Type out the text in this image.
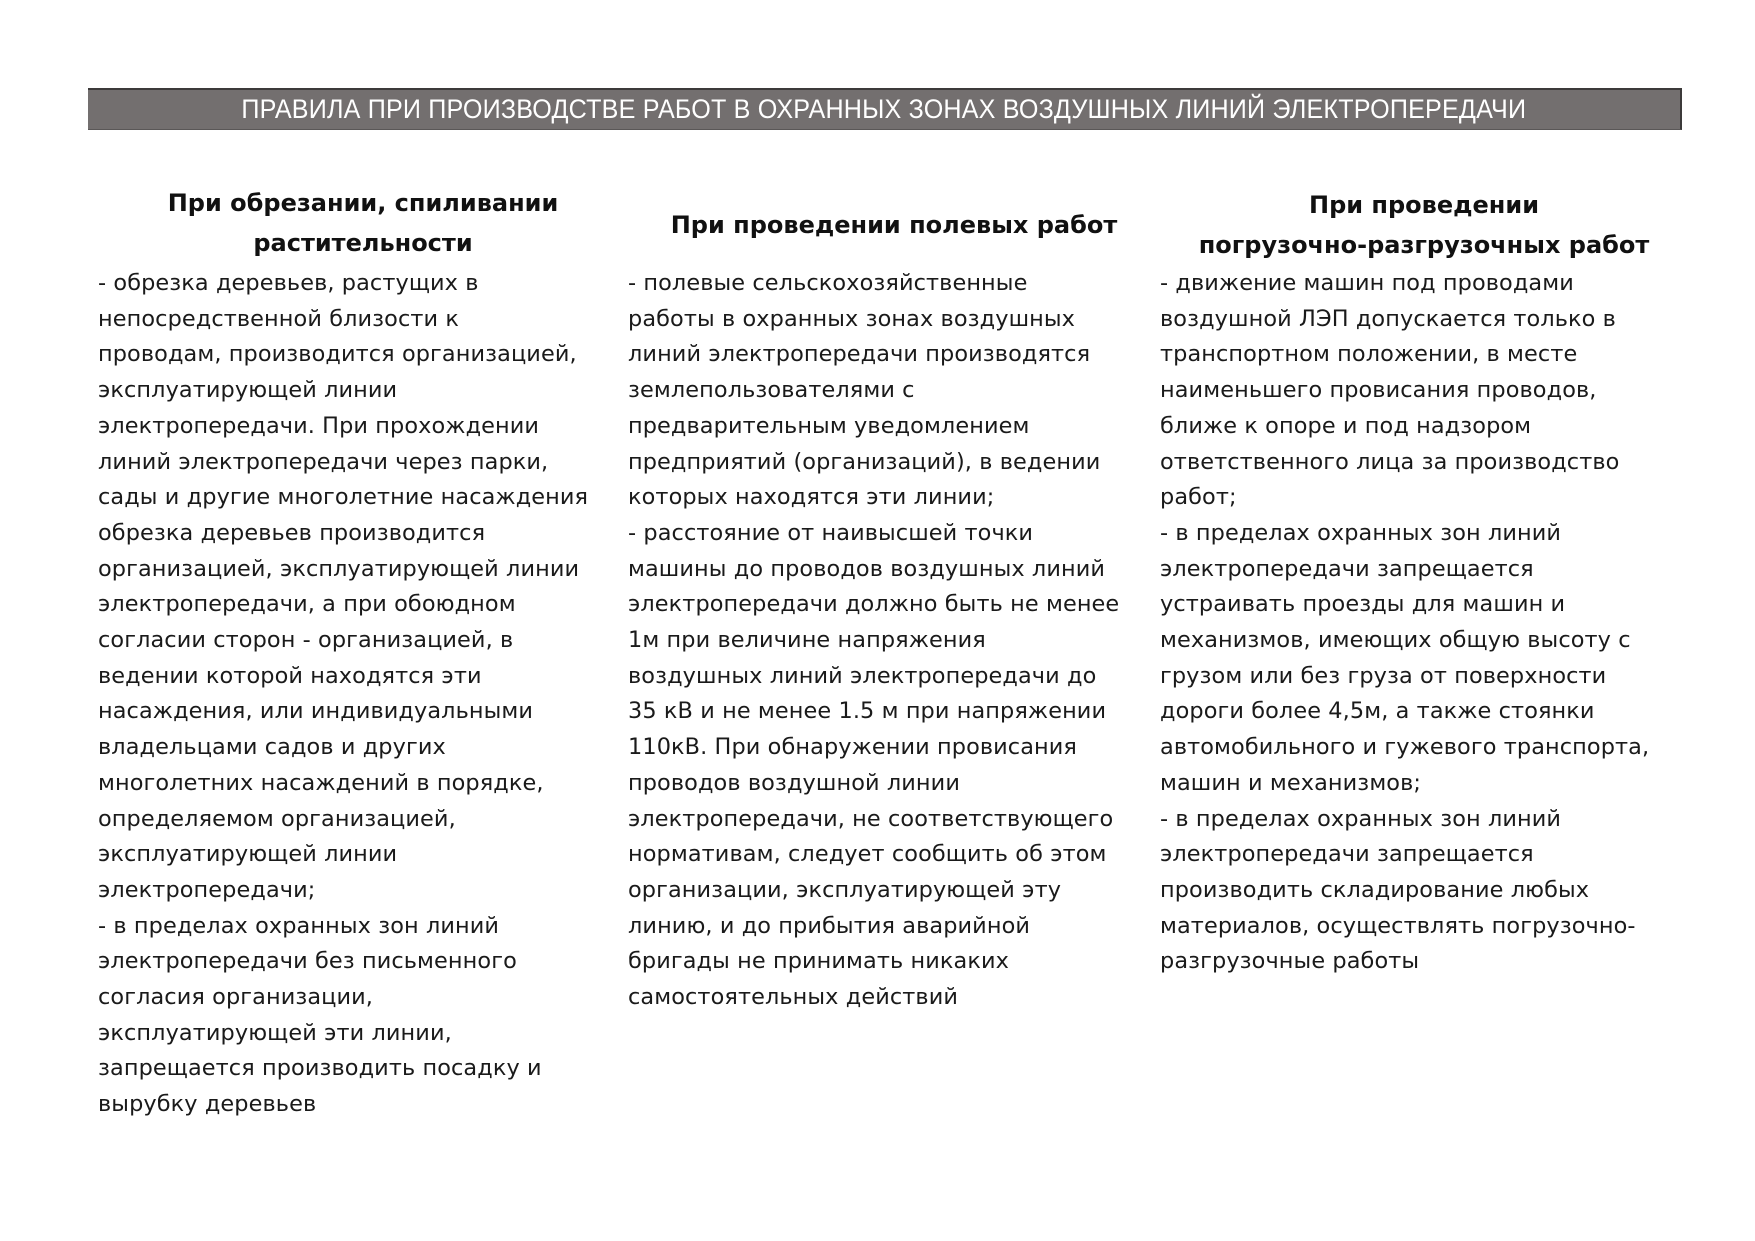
ПРАВИЛА ПРИ ПРОИЗВОДСТВЕ РАБОТ В ОХРАННЫХ ЗОНАХ ВОЗДУШНЫХ ЛИНИЙ ЭЛЕКТРОПЕРЕДАЧИ
При обрезании, спиливании
растительности

- обрезка деревьев, растущих в
непосредственной близости к
проводам, производится организацией,
эксплуатирующей линии
электропередачи. При прохождении
линий электропередачи через парки,
сады и другие многолетние насаждения
обрезка деревьев производится
организацией, эксплуатирующей линии
электропередачи, а при обоюдном
согласии сторон - организацией, в
ведении которой находятся эти
насаждения, или индивидуальными
владельцами садов и других
многолетних насаждений в порядке,
определяемом организацией,
эксплуатирующей линии
электропередачи;

- в пределах охранных зон линий
электропередачи без письменного
согласия организации,
эксплуатирующей эти линии,
запрещается производить посадку и
вырубку деревьев

При проведении полевых работ

- полевые сельскохозяйственные
работы в охранных зонах воздушных
линий электропередачи производятся
землепользователями с
предварительным уведомлением
предприятий (организаций), в ведении
которых находятся эти линии;

- расстояние от наивысшей точки
машины до проводов воздушных линий
электропередачи должно быть не менее
1м при величине напряжения
воздушных линий электропередачи до
35 кВ и не менее 1.5 м при напряжении
110кВ. При обнаружении провисания
проводов воздушной линии
электропередачи, не соответствующего
нормативам, следует сообщить об этом
организации, эксплуатирующей эту
линию, и до прибытия аварийной
бригады не принимать никаких
самостоятельных действий

При проведении
погрузочно-разгрузочных работ

- движение машин под проводами
воздушной ЛЭП допускается только в
транспортном положении, в месте
наименьшего провисания проводов,
ближе к опоре и под надзором
ответственного лица за производство
работ;

- в пределах охранных зон линий
электропередачи запрещается
устраивать проезды для машин и
механизмов, имеющих общую высоту с
грузом или без груза от поверхности
дороги более 4,5м, а также стоянки
автомобильного и гужевого транспорта,
машин и механизмов;

- в пределах охранных зон линий
электропередачи запрещается
производить складирование любых
материалов, осуществлять погрузочно-
разгрузочные работы
